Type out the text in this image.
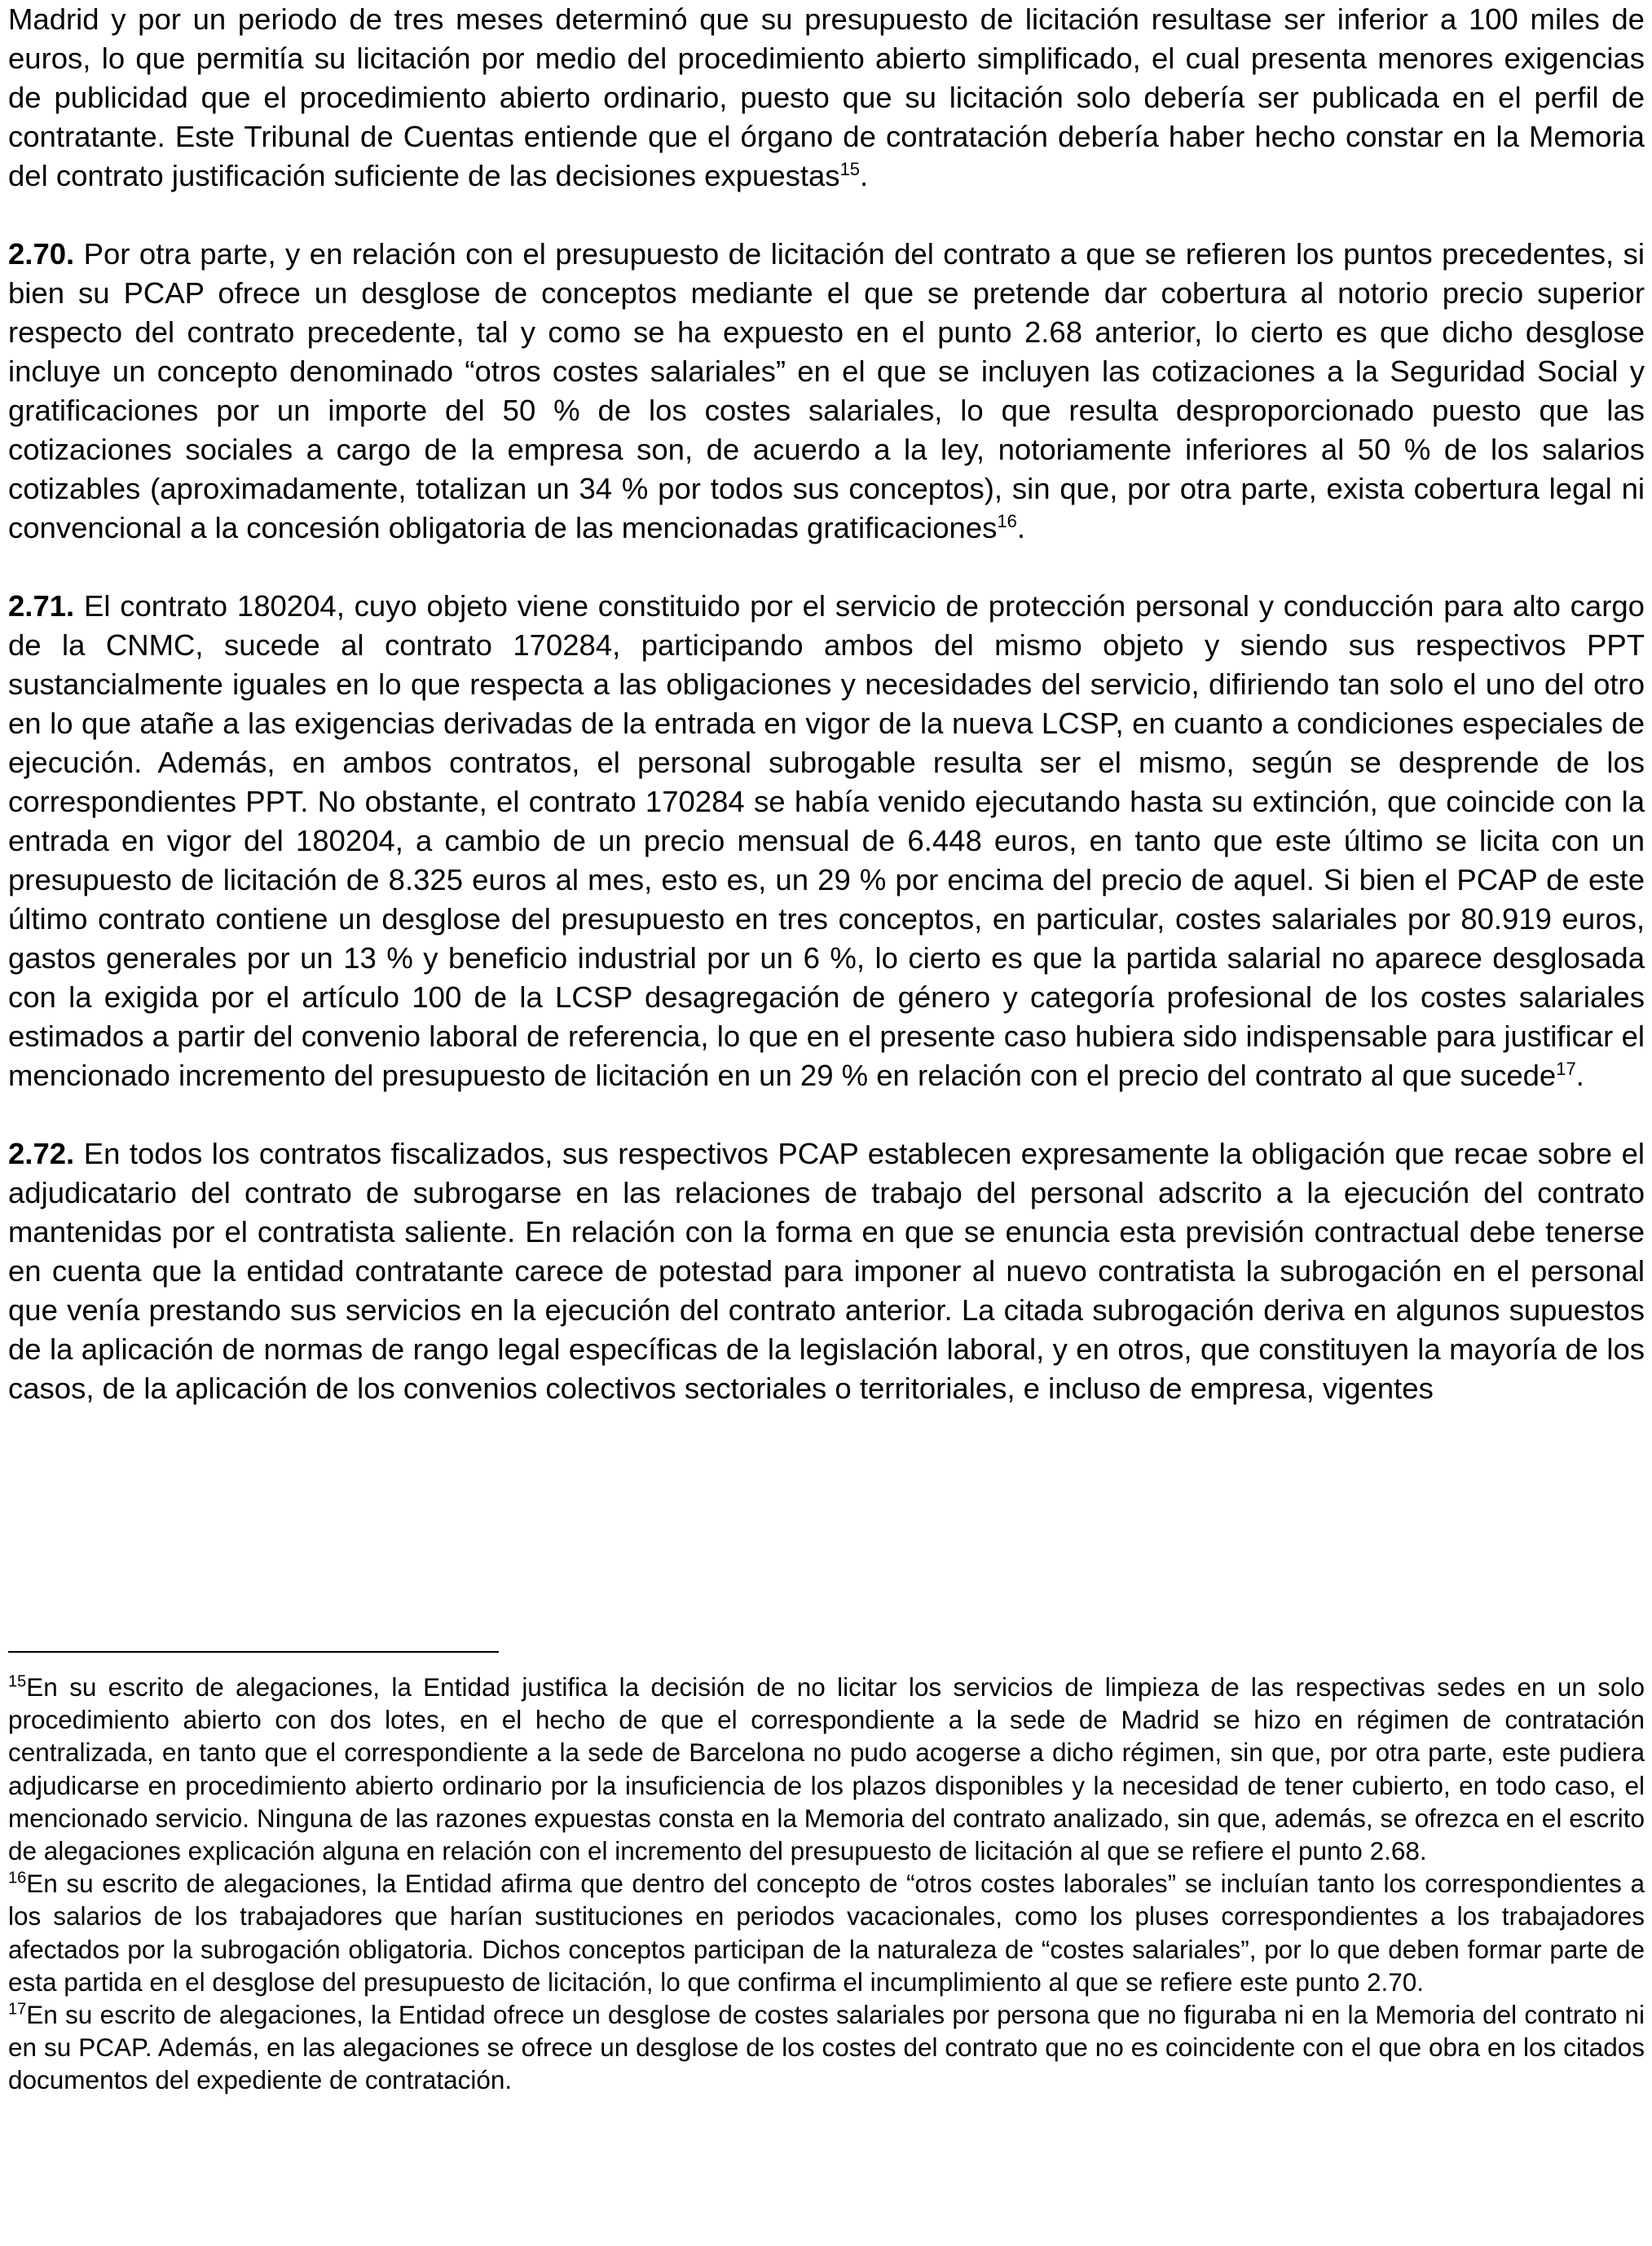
Madrid y por un periodo de tres meses determinó que su presupuesto de licitación resultase ser inferior a 100 miles de euros, lo que permitía su licitación por medio del procedimiento abierto simplificado, el cual presenta menores exigencias de publicidad que el procedimiento abierto ordinario, puesto que su licitación solo debería ser publicada en el perfil de contratante. Este Tribunal de Cuentas entiende que el órgano de contratación debería haber hecho constar en la Memoria del contrato justificación suficiente de las decisiones expuestas$^{15}$.

2.70. Por otra parte, y en relación con el presupuesto de licitación del contrato a que se refieren los puntos precedentes, si bien su PCAP ofrece un desglose de conceptos mediante el que se pretende dar cobertura al notorio precio superior respecto del contrato precedente, tal y como se ha expuesto en el punto 2.68 anterior, lo cierto es que dicho desglose incluye un concepto denominado “otros costes salariales” en el que se incluyen las cotizaciones a la Seguridad Social y gratificaciones por un importe del 50 % de los costes salariales, lo que resulta desproporcionado puesto que las cotizaciones sociales a cargo de la empresa son, de acuerdo a la ley, notoriamente inferiores al 50 % de los salarios cotizables (aproximadamente, totalizan un 34 % por todos sus conceptos), sin que, por otra parte, exista cobertura legal ni convencional a la concesión obligatoria de las mencionadas gratificaciones$^{16}$.

2.71. El contrato 180204, cuyo objeto viene constituido por el servicio de protección personal y conducción para alto cargo de la CNMC, sucede al contrato 170284, participando ambos del mismo objeto y siendo sus respectivos PPT sustancialmente iguales en lo que respecta a las obligaciones y necesidades del servicio, difiriendo tan solo el uno del otro en lo que atañe a las exigencias derivadas de la entrada en vigor de la nueva LCSP, en cuanto a condiciones especiales de ejecución. Además, en ambos contratos, el personal subrogable resulta ser el mismo, según se desprende de los correspondientes PPT. No obstante, el contrato 170284 se había venido ejecutando hasta su extinción, que coincide con la entrada en vigor del 180204, a cambio de un precio mensual de 6.448 euros, en tanto que este último se licita con un presupuesto de licitación de 8.325 euros al mes, esto es, un 29 % por encima del precio de aquel. Si bien el PCAP de este último contrato contiene un desglose del presupuesto en tres conceptos, en particular, costes salariales por 80.919 euros, gastos generales por un 13 % y beneficio industrial por un 6 %, lo cierto es que la partida salarial no aparece desglosada con la exigida por el artículo 100 de la LCSP desagregación de género y categoría profesional de los costes salariales estimados a partir del convenio laboral de referencia, lo que en el presente caso hubiera sido indispensable para justificar el mencionado incremento del presupuesto de licitación en un 29 % en relación con el precio del contrato al que sucede$^{17}$.

2.72. En todos los contratos fiscalizados, sus respectivos PCAP establecen expresamente la obligación que recae sobre el adjudicatario del contrato de subrogarse en las relaciones de trabajo del personal adscrito a la ejecución del contrato mantenidas por el contratista saliente. En relación con la forma en que se enuncia esta previsión contractual debe tenerse en cuenta que la entidad contratante carece de potestad para imponer al nuevo contratista la subrogación en el personal que venía prestando sus servicios en la ejecución del contrato anterior. La citada subrogación deriva en algunos supuestos de la aplicación de normas de rango legal específicas de la legislación laboral, y en otros, que constituyen la mayoría de los casos, de la aplicación de los convenios colectivos sectoriales o territoriales, e incluso de empresa, vigentes

$^{15}$En su escrito de alegaciones, la Entidad justifica la decisión de no licitar los servicios de limpieza de las respectivas sedes en un solo procedimiento abierto con dos lotes, en el hecho de que el correspondiente a la sede de Madrid se hizo en régimen de contratación centralizada, en tanto que el correspondiente a la sede de Barcelona no pudo acogerse a dicho régimen, sin que, por otra parte, este pudiera adjudicarse en procedimiento abierto ordinario por la insuficiencia de los plazos disponibles y la necesidad de tener cubierto, en todo caso, el mencionado servicio. Ninguna de las razones expuestas consta en la Memoria del contrato analizado, sin que, además, se ofrezca en el escrito de alegaciones explicación alguna en relación con el incremento del presupuesto de licitación al que se refiere el punto 2.68.

$^{16}$En su escrito de alegaciones, la Entidad afirma que dentro del concepto de “otros costes laborales” se incluían tanto los correspondientes a los salarios de los trabajadores que harían sustituciones en periodos vacacionales, como los pluses correspondientes a los trabajadores afectados por la subrogación obligatoria. Dichos conceptos participan de la naturaleza de “costes salariales”, por lo que deben formar parte de esta partida en el desglose del presupuesto de licitación, lo que confirma el incumplimiento al que se refiere este punto 2.70.

$^{17}$En su escrito de alegaciones, la Entidad ofrece un desglose de costes salariales por persona que no figuraba ni en la Memoria del contrato ni en su PCAP. Además, en las alegaciones se ofrece un desglose de los costes del contrato que no es coincidente con el que obra en los citados documentos del expediente de contratación.
